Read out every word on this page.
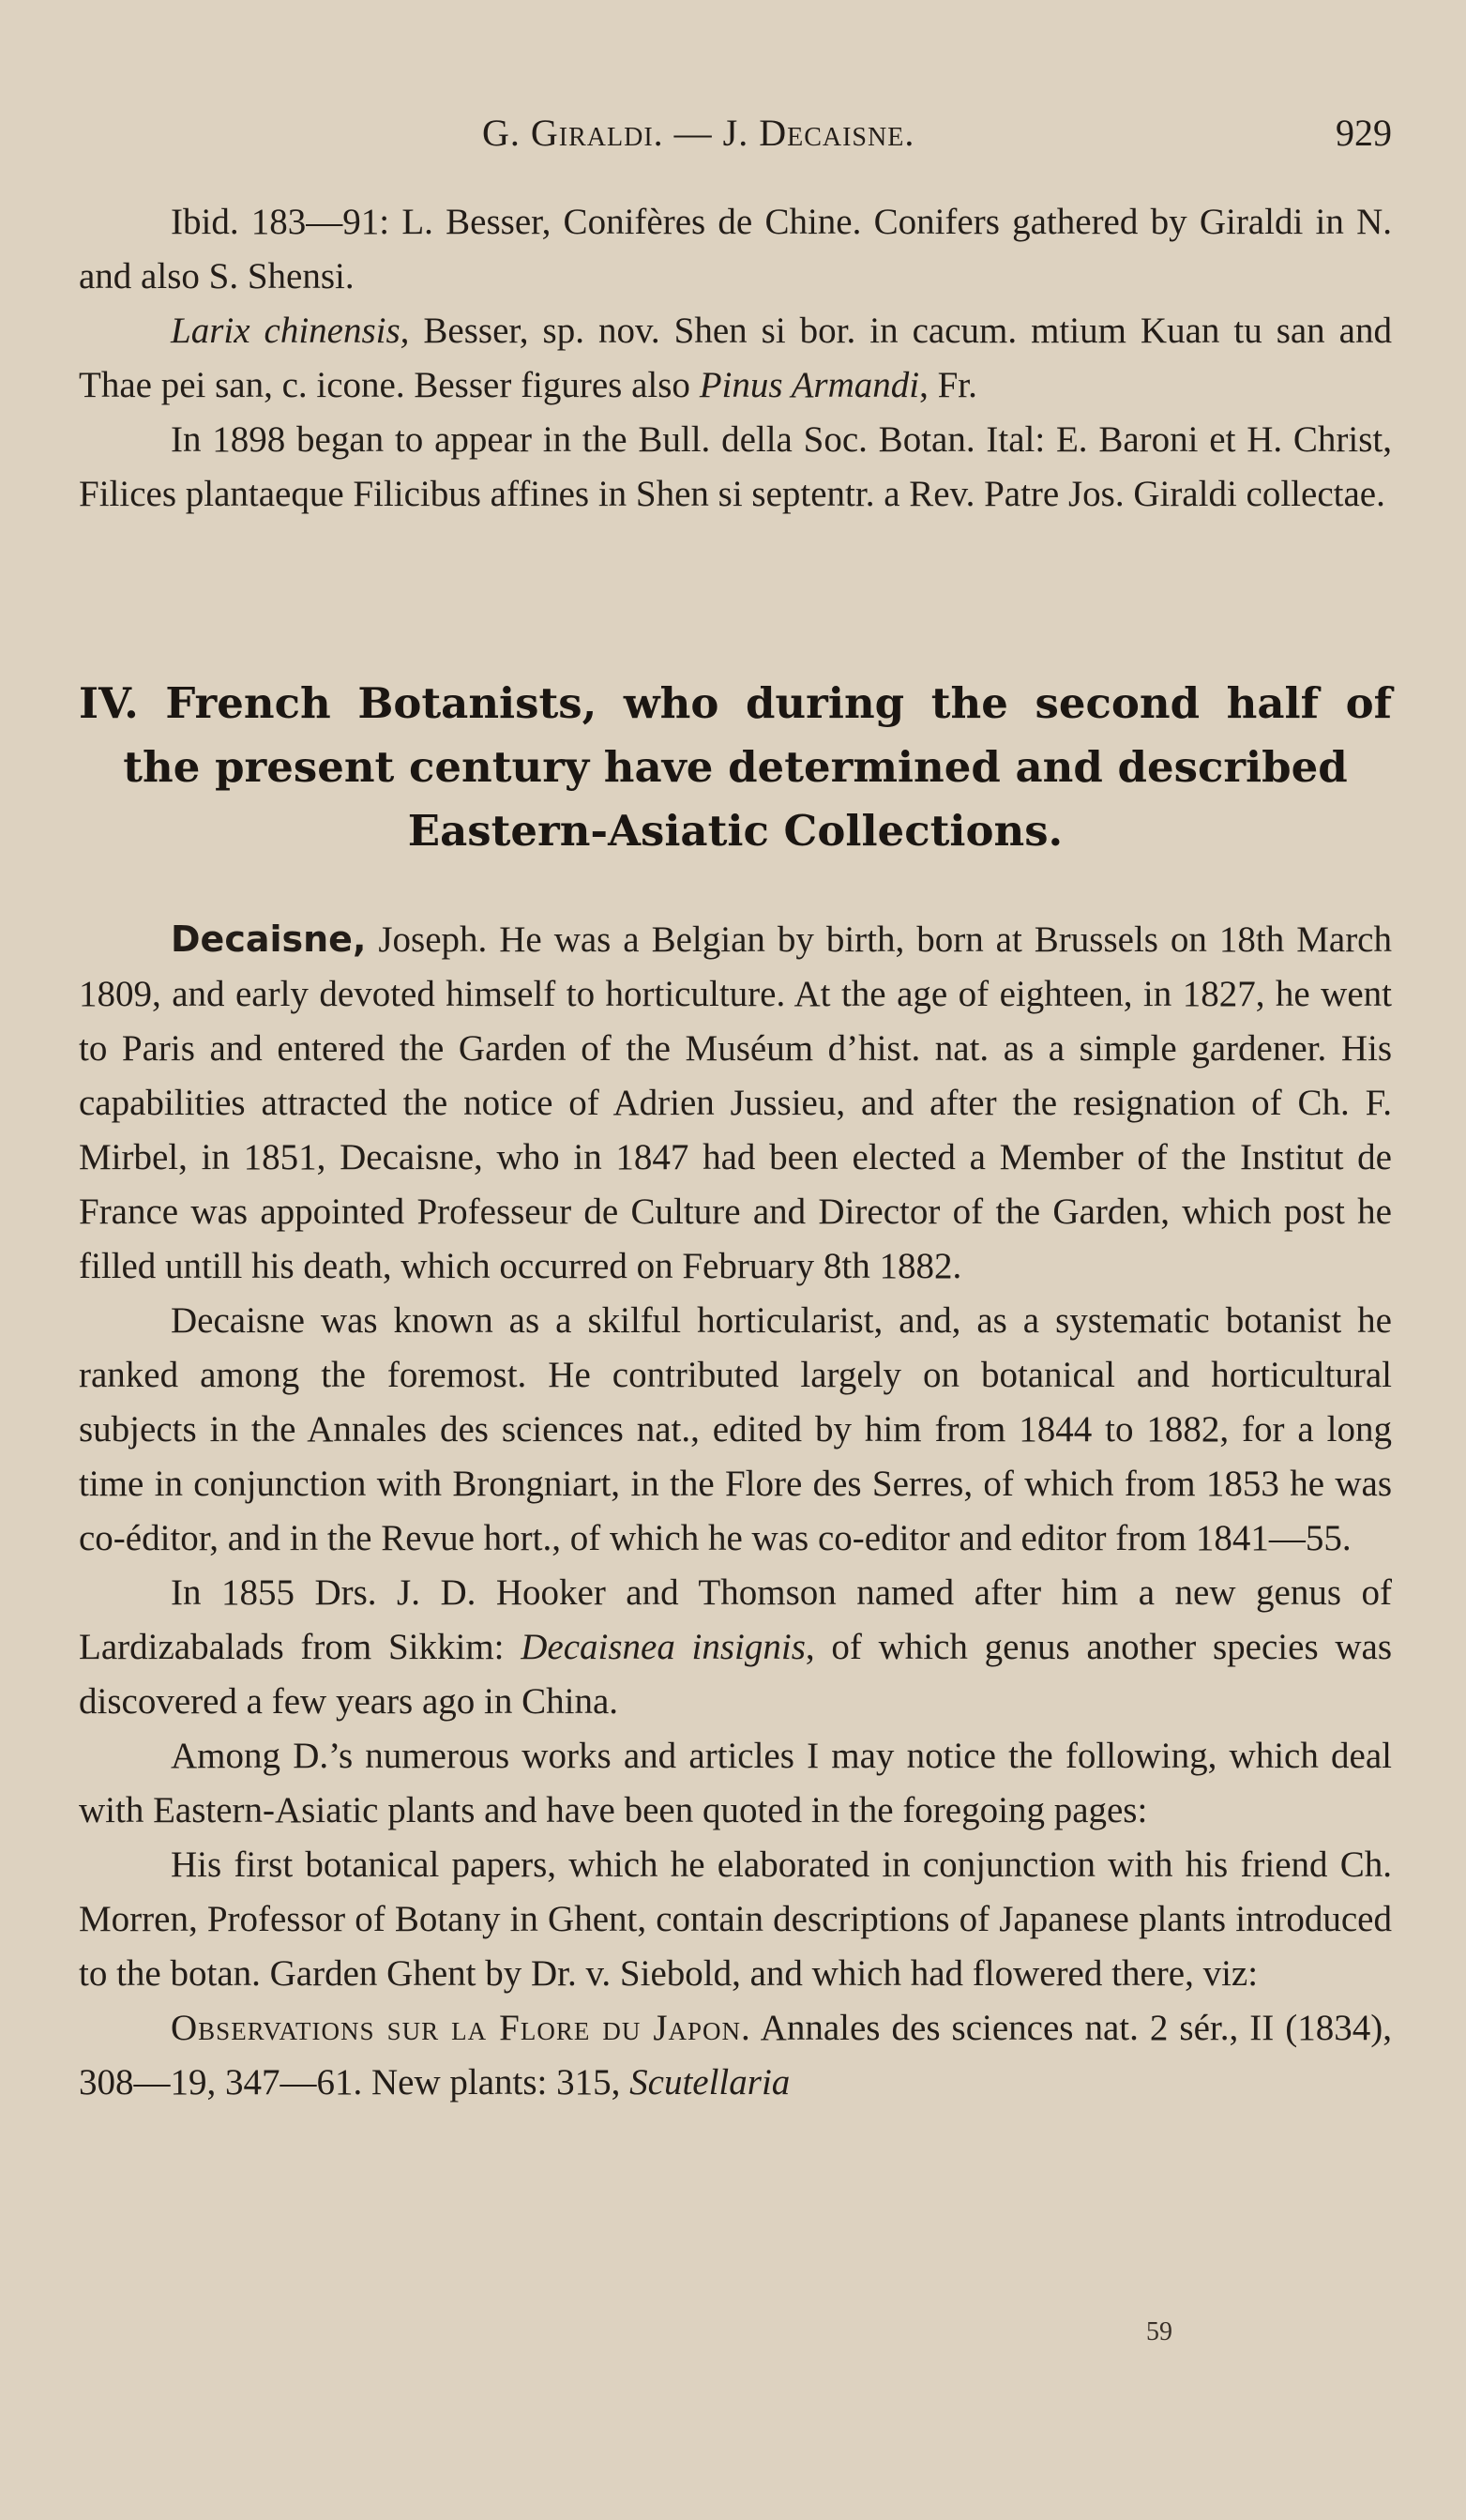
G. Giraldi. — J. Decaisne.	929

Ibid. 183—91: L. Besser, Conifères de Chine. Conifers gathered by Giraldi in N. and also S. Shensi.

Larix chinensis, Besser, sp. nov. Shen si bor. in cacum. mtium Kuan tu san and Thae pei san, c. icone. Besser figures also Pinus Armandi, Fr.

In 1898 began to appear in the Bull. della Soc. Botan. Ital: E. Baroni et H. Christ, Filices plantaeque Filicibus affines in Shen si septentr. a Rev. Patre Jos. Giraldi collectae.

IV. French Botanists, who during the second half of
the present century have determined and described
Eastern-Asiatic Collections.

Decaisne, Joseph. He was a Belgian by birth, born at Brussels on 18th March 1809, and early devoted himself to horticulture. At the age of eighteen, in 1827, he went to Paris and entered the Garden of the Muséum d’hist. nat. as a simple gardener. His capabilities attracted the notice of Adrien Jussieu, and after the resignation of Ch. F. Mirbel, in 1851, Decaisne, who in 1847 had been elected a Member of the Institut de France was appointed Professeur de Culture and Director of the Garden, which post he filled untill his death, which occurred on February 8th 1882.

Decaisne was known as a skilful horticularist, and, as a systematic botanist he ranked among the foremost. He contributed largely on botanical and horticultural subjects in the Annales des sciences nat., edited by him from 1844 to 1882, for a long time in conjunction with Brongniart, in the Flore des Serres, of which from 1853 he was co-éditor, and in the Revue hort., of which he was co-editor and editor from 1841—55.

In 1855 Drs. J. D. Hooker and Thomson named after him a new genus of Lardizabalads from Sikkim: Decaisnea insignis, of which genus another species was discovered a few years ago in China.

Among D.’s numerous works and articles I may notice the following, which deal with Eastern-Asiatic plants and have been quoted in the foregoing pages:

His first botanical papers, which he elaborated in conjunction with his friend Ch. Morren, Professor of Botany in Ghent, contain descriptions of Japanese plants introduced to the botan. Garden Ghent by Dr. v. Siebold, and which had flowered there, viz:

Observations sur la Flore du Japon. Annales des sciences nat. 2 sér., II (1834), 308—19, 347—61. New plants: 315, Scutellaria

59
